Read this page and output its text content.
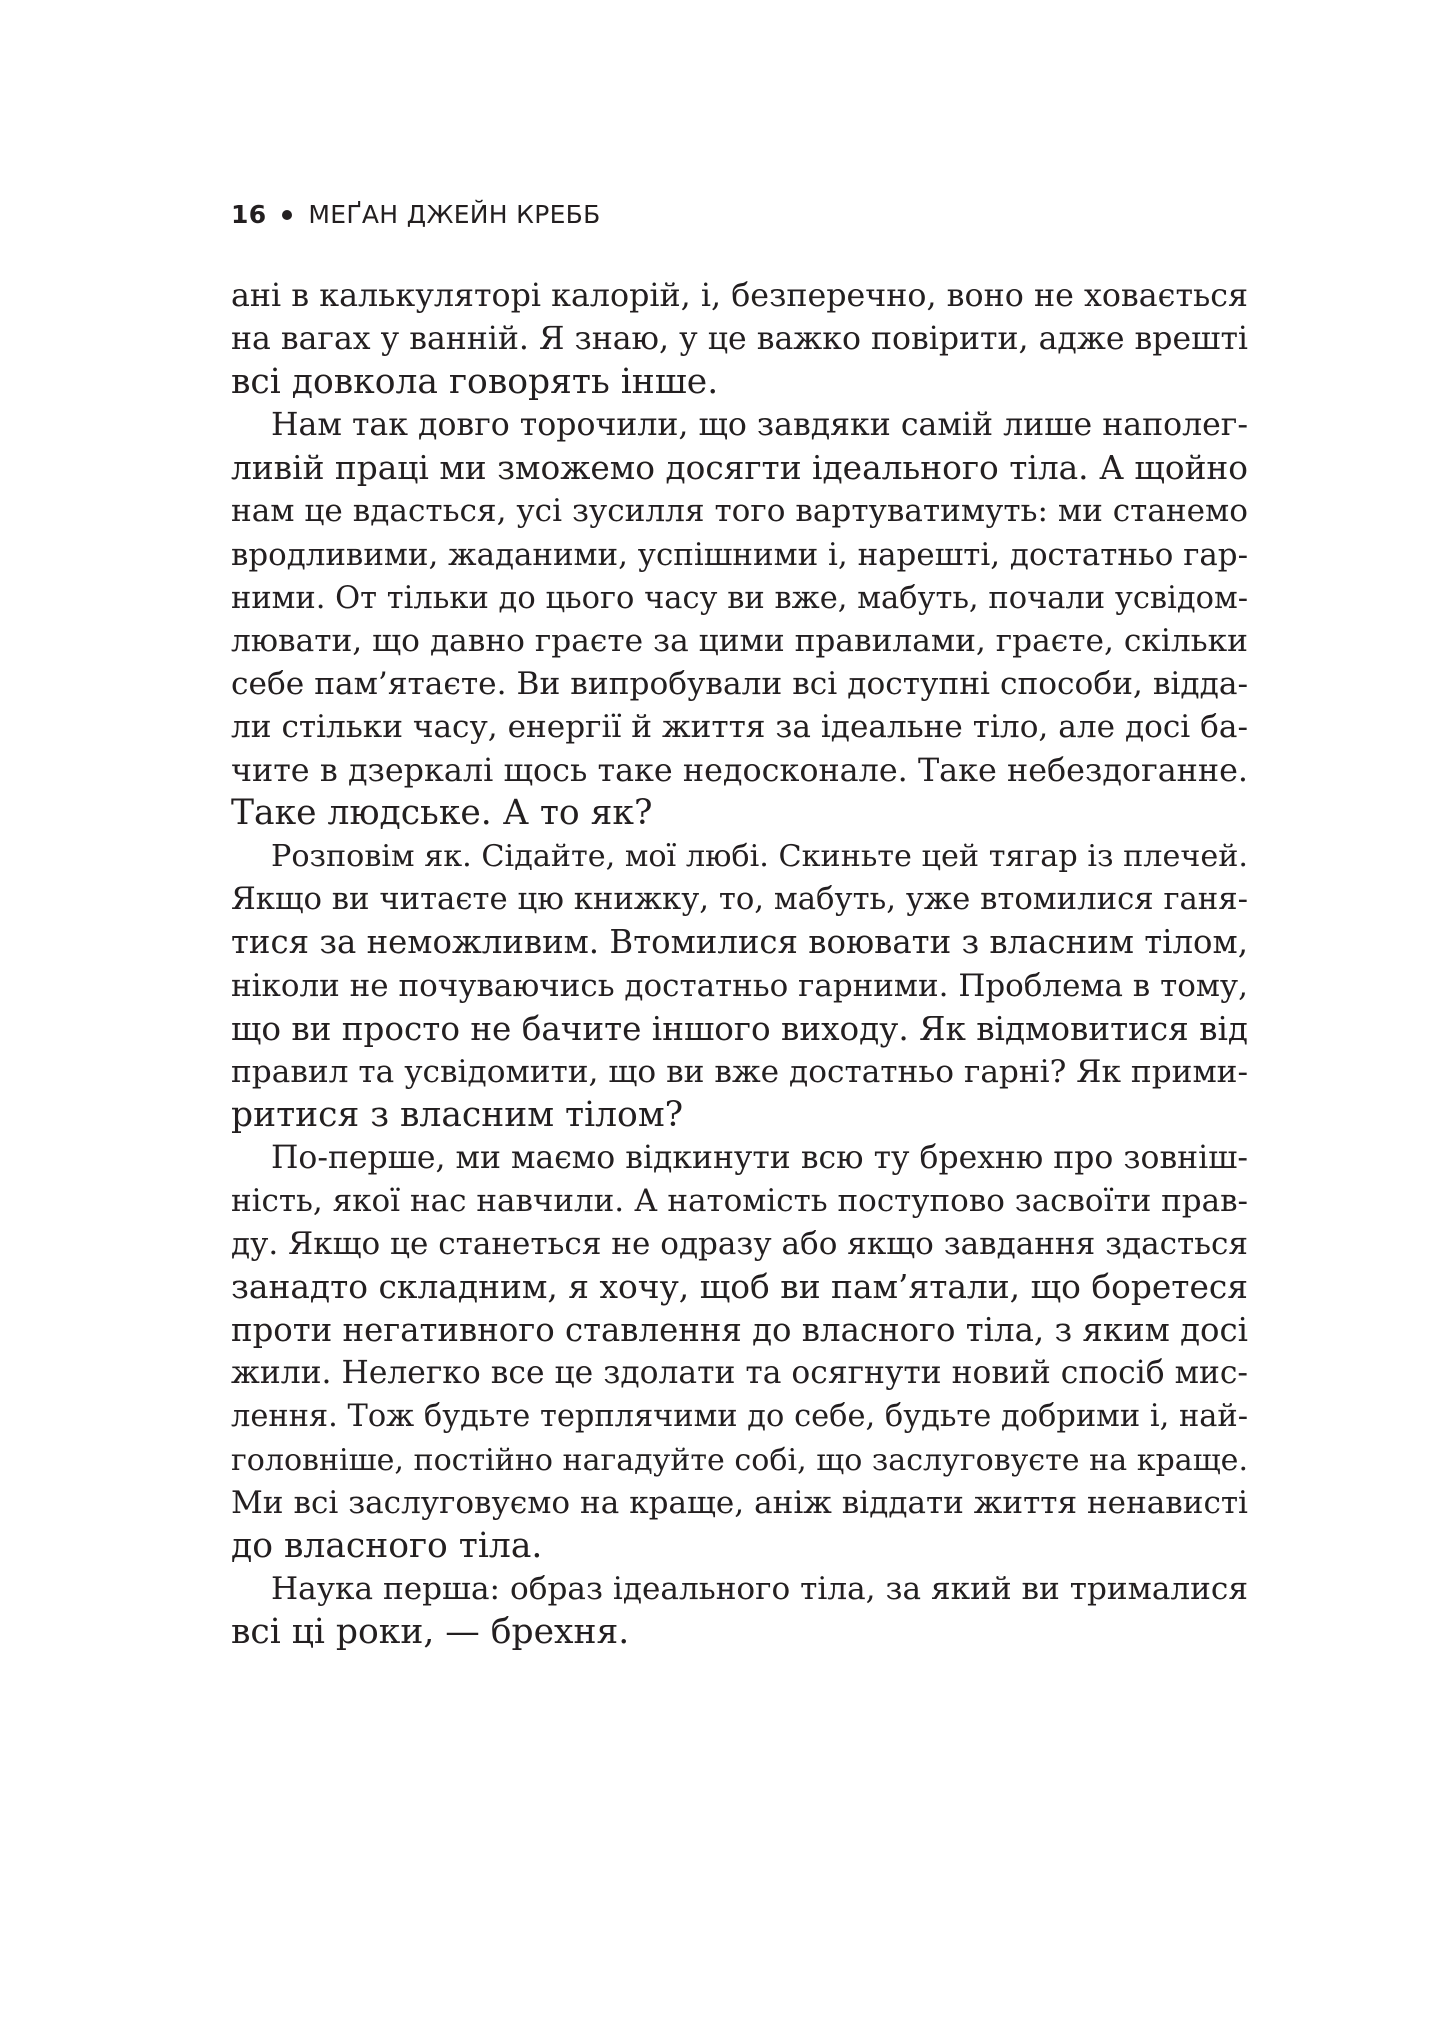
16 МЕҐАН ДЖЕЙН КРЕББ
ані в калькуляторі калорій, і, безперечно, воно не ховається
на вагах у ванній. Я знаю, у це важко повірити, адже врешті
всі довкола говорять інше.
Нам так довго торочили, що завдяки самій лише наполег-
ливій праці ми зможемо досягти ідеального тіла. А щойно
нам це вдасться, усі зусилля того вартуватимуть: ми станемо
вродливими, жаданими, успішними і, нарешті, достатньо гар-
ними. От тільки до цього часу ви вже, мабуть, почали усвідом-
лювати, що давно граєте за цими правилами, граєте, скільки
себе пам’ятаєте. Ви випробували всі доступні способи, відда-
ли стільки часу, енергії й життя за ідеальне тіло, але досі ба-
чите в дзеркалі щось таке недосконале. Таке небездоганне.
Таке людське. А то як?
Розповім як. Сідайте, мої любі. Скиньте цей тягар із плечей.
Якщо ви читаєте цю книжку, то, мабуть, уже втомилися ганя-
тися за неможливим. Втомилися воювати з власним тілом,
ніколи не почуваючись достатньо гарними. Проблема в тому,
що ви просто не бачите іншого виходу. Як відмовитися від
правил та усвідомити, що ви вже достатньо гарні? Як прими-
ритися з власним тілом?
По-перше, ми маємо відкинути всю ту брехню про зовніш-
ність, якої нас навчили. А натомість поступово засвоїти прав-
ду. Якщо це станеться не одразу або якщо завдання здасться
занадто складним, я хочу, щоб ви пам’ятали, що боретеся
проти негативного ставлення до власного тіла, з яким досі
жили. Нелегко все це здолати та осягнути новий спосіб мис-
лення. Тож будьте терплячими до себе, будьте добрими і, най-
головніше, постійно нагадуйте собі, що заслуговуєте на краще.
Ми всі заслуговуємо на краще, аніж віддати життя ненависті
до власного тіла.
Наука перша: образ ідеального тіла, за який ви трималися
всі ці роки, — брехня.
